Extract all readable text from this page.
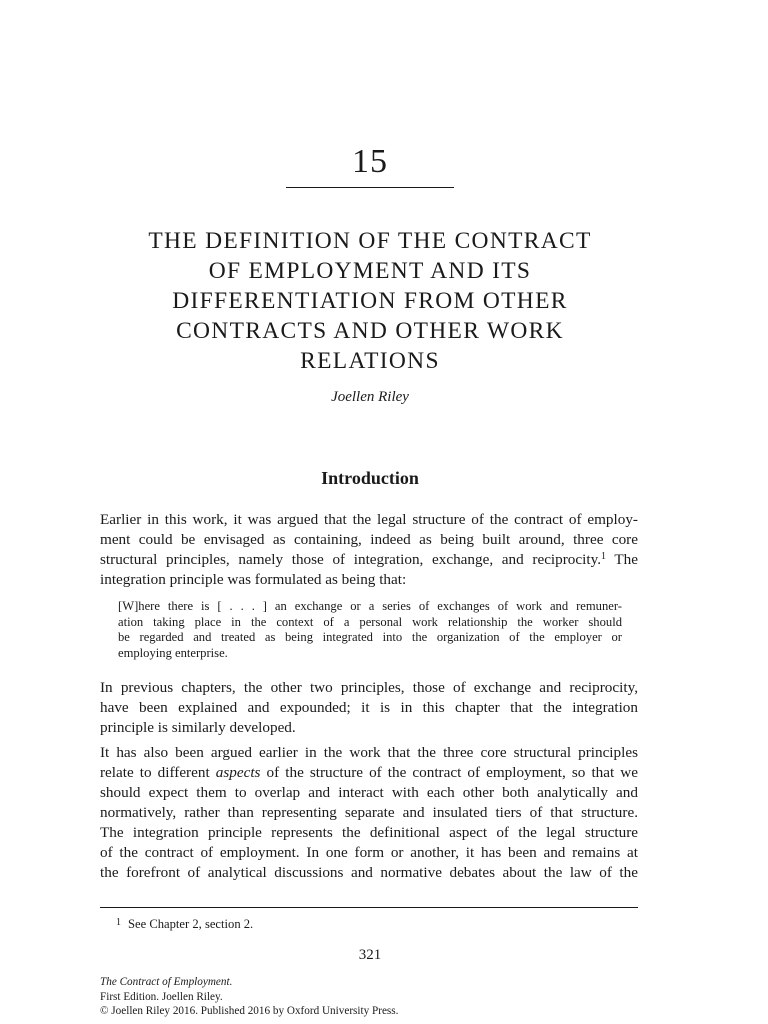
15
THE DEFINITION OF THE CONTRACT
OF EMPLOYMENT AND ITS
DIFFERENTIATION FROM OTHER
CONTRACTS AND OTHER WORK
RELATIONS
Joellen Riley
Introduction

Earlier in this work, it was argued that the legal structure of the contract of employ-
ment could be envisaged as containing, indeed as being built around, three core
structural principles, namely those of integration, exchange, and reciprocity.$^1$ The
integration principle was formulated as being that:

[W]here there is [ . . . ] an exchange or a series of exchanges of work and remuner-
ation taking place in the context of a personal work relationship the worker should
be regarded and treated as being integrated into the organization of the employer or
employing enterprise.

In previous chapters, the other two principles, those of exchange and reciprocity,
have been explained and expounded; it is in this chapter that the integration
principle is similarly developed.

It has also been argued earlier in the work that the three core structural principles
relate to different aspects of the structure of the contract of employment, so that we
should expect them to overlap and interact with each other both analytically and
normatively, rather than representing separate and insulated tiers of that structure.
The integration principle represents the definitional aspect of the legal structure
of the contract of employment. In one form or another, it has been and remains at
the forefront of analytical discussions and normative debates about the law of the

$^1$ See Chapter 2, section 2.
321
The Contract of Employment.
First Edition. Joellen Riley.
© Joellen Riley 2016. Published 2016 by Oxford University Press.
